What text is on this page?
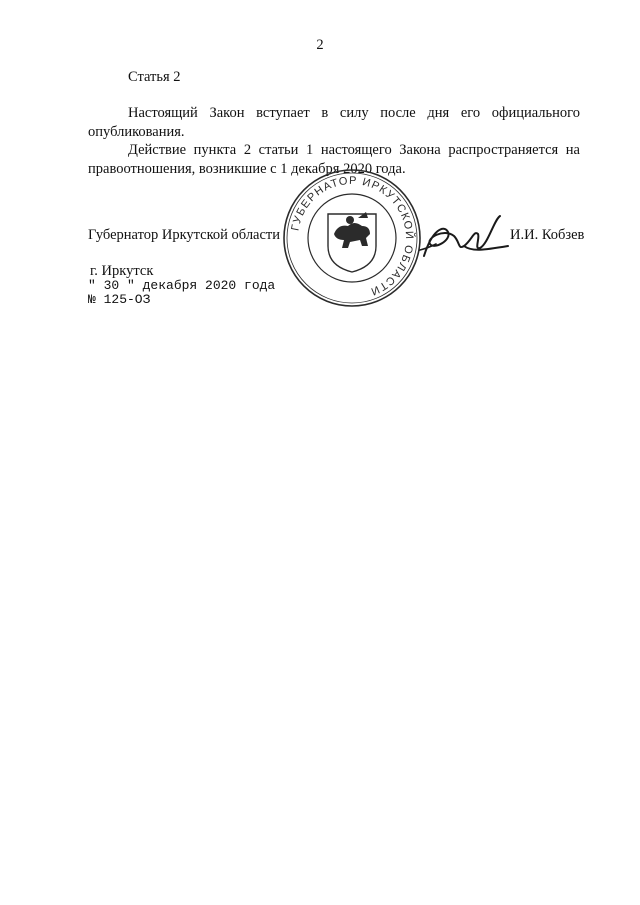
2
Статья 2
Настоящий Закон вступает в силу после дня его официального опубликования.
Действие пункта 2 статьи 1 настоящего Закона распространяется на правоотношения, возникшие с 1 декабря 2020 года.
Губернатор Иркутской области	И.И. Кобзев
г. Иркутск
" 30 " декабря 2020 года
№ 125-ОЗ
ГУБЕРНАТОР ИРКУТСКОЙ ОБЛАСТИ
